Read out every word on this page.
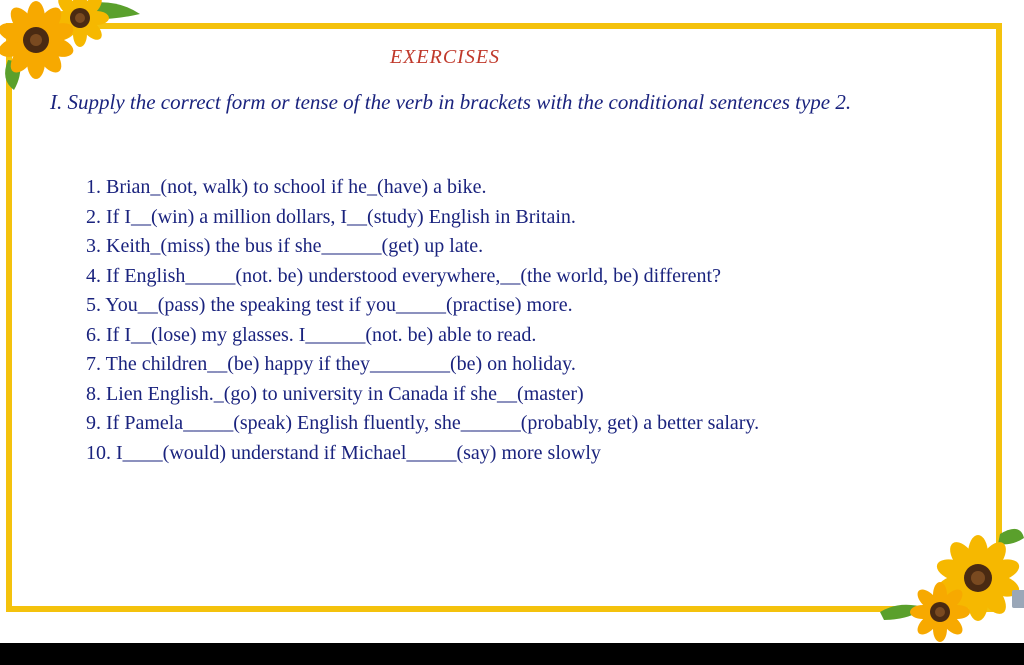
EXERCISES

I. Supply the correct form or tense of the verb in brackets with the conditional sentences type 2.

1. Brian_(not, walk) to school if he_(have) a bike.
2. If I__(win) a million dollars, I__(study) English in Britain.
3. Keith_(miss) the bus if she______(get) up late.
4. If English_____(not. be) understood everywhere,__(the world, be) different?
5. You__(pass) the speaking test if you_____(practise) more.
6. If I__(lose) my glasses. I______(not. be) able to read.
7. The children__(be) happy if they________(be) on holiday.
8. Lien English._(go) to university in Canada if she__(master)
9. If Pamela_____(speak) English fluently, she______(probably, get) a better salary.
10. I____(would) understand if Michael_____(say) more slowly
